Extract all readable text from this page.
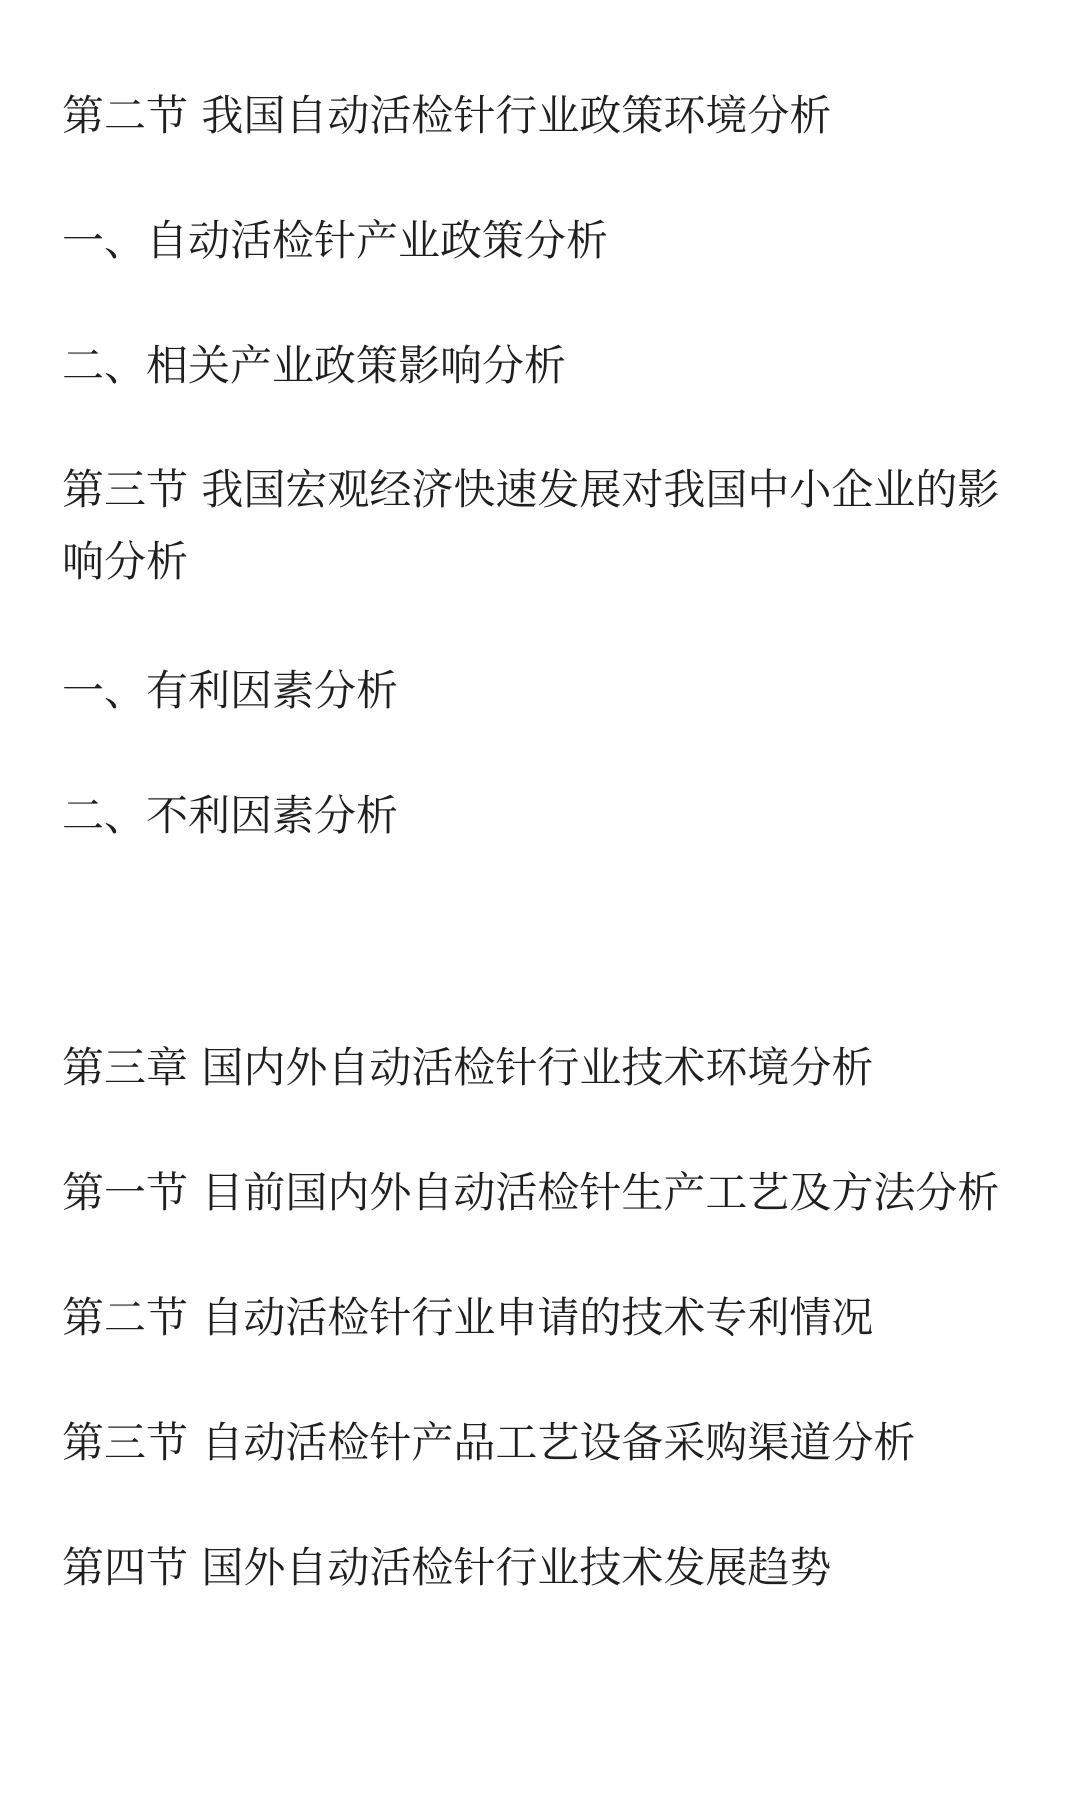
第二节 我国自动活检针行业政策环境分析
一、自动活检针产业政策分析
二、相关产业政策影响分析
第三节 我国宏观经济快速发展对我国中小企业的影响分析
一、有利因素分析
二、不利因素分析
第三章 国内外自动活检针行业技术环境分析
第一节 目前国内外自动活检针生产工艺及方法分析
第二节 自动活检针行业申请的技术专利情况
第三节 自动活检针产品工艺设备采购渠道分析
第四节 国外自动活检针行业技术发展趋势
